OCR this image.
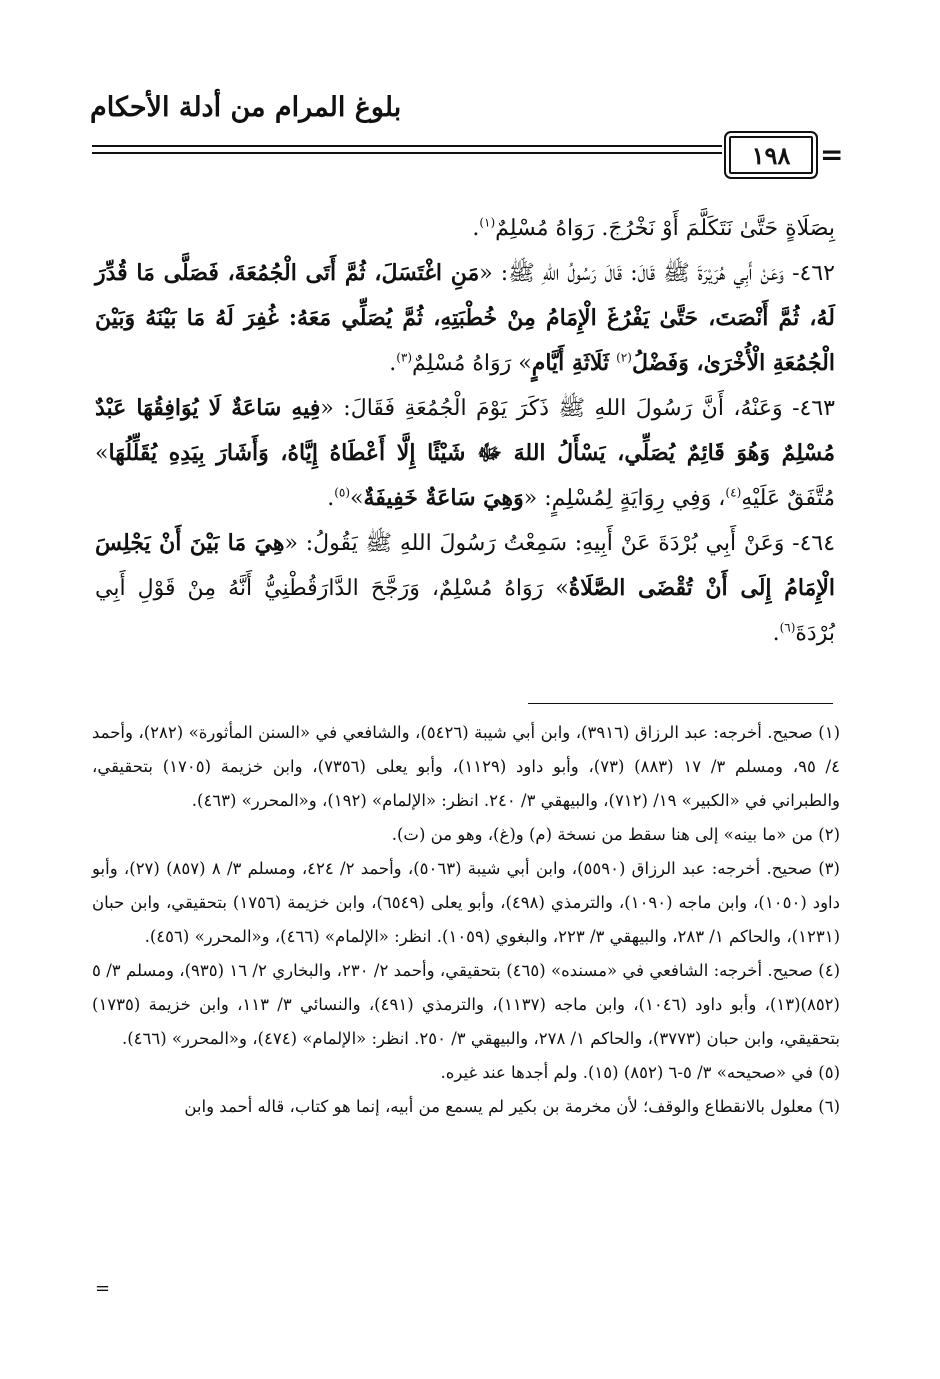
بلوغ المرام من أدلة الأحكام
١٩٨	=

بِصَلَاةٍ حَتَّىٰ نَتَكَلَّمَ أَوْ نَخْرُجَ. رَوَاهُ مُسْلِمٌ$^{(١)}$.

٤٦٢- وَعَنْ أَبِي هُرَيْرَةَ ﷺ قَالَ: قَالَ رَسُولُ اللهِ ﷺ: «مَنِ اغْتَسَلَ، ثُمَّ أَتَى الْجُمُعَةَ، فَصَلَّى مَا قُدِّرَ لَهُ، ثُمَّ أَنْصَتَ، حَتَّىٰ يَفْرُغَ الْإِمَامُ مِنْ خُطْبَتِهِ، ثُمَّ يُصَلِّي مَعَهُ: غُفِرَ لَهُ مَا بَيْنَهُ وَبَيْنَ الْجُمُعَةِ الْأُخْرَىٰ، وَفَضْلُ$^{(٢)}$ ثَلَاثَةِ أَيَّامٍ» رَوَاهُ مُسْلِمٌ$^{(٣)}$.

٤٦٣- وَعَنْهُ، أَنَّ رَسُولَ اللهِ ﷺ ذَكَرَ يَوْمَ الْجُمُعَةِ فَقَالَ: «فِيهِ سَاعَةٌ لَا يُوَافِقُهَا عَبْدٌ مُسْلِمٌ وَهُوَ قَائِمٌ يُصَلِّي، يَسْأَلُ اللهَ ﷻ شَيْئًا إِلَّا أَعْطَاهُ إِيَّاهُ، وَأَشَارَ بِيَدِهِ يُقَلِّلُهَا» مُتَّفَقٌ عَلَيْهِ$^{(٤)}$، وَفِي رِوَايَةٍ لِمُسْلِمٍ: «وَهِيَ سَاعَةٌ خَفِيفَةٌ»$^{(٥)}$.

٤٦٤- وَعَنْ أَبِي بُرْدَةَ عَنْ أَبِيهِ: سَمِعْتُ رَسُولَ اللهِ ﷺ يَقُولُ: «هِيَ مَا بَيْنَ أَنْ يَجْلِسَ الْإِمَامُ إِلَى أَنْ تُقْضَى الصَّلَاةُ» رَوَاهُ مُسْلِمٌ، وَرَجَّحَ الدَّارَقُطْنِيُّ أَنَّهُ مِنْ قَوْلِ أَبِي بُرْدَةَ$^{(٦)}$.

(١) صحيح. أخرجه: عبد الرزاق (٣٩١٦)، وابن أبي شيبة (٥٤٢٦)، والشافعي في «السنن المأثورة» (٢٨٢)، وأحمد ٤/ ٩٥، ومسلم ٣/ ١٧ (٨٨٣) (٧٣)، وأبو داود (١١٢٩)، وأبو يعلى (٧٣٥٦)، وابن خزيمة (١٧٠٥) بتحقيقي، والطبراني في «الكبير» ١٩/ (٧١٢)، والبيهقي ٣/ ٢٤٠. انظر: «الإلمام» (١٩٢)، و«المحرر» (٤٦٣).

(٢) من «ما بينه» إلى هنا سقط من نسخة (م) و(غ)، وهو من (ت).

(٣) صحيح. أخرجه: عبد الرزاق (٥٥٩٠)، وابن أبي شيبة (٥٠٦٣)، وأحمد ٢/ ٤٢٤، ومسلم ٣/ ٨ (٨٥٧) (٢٧)، وأبو داود (١٠٥٠)، وابن ماجه (١٠٩٠)، والترمذي (٤٩٨)، وأبو يعلى (٦٥٤٩)، وابن خزيمة (١٧٥٦) بتحقيقي، وابن حبان (١٢٣١)، والحاكم ١/ ٢٨٣، والبيهقي ٣/ ٢٢٣، والبغوي (١٠٥٩). انظر: «الإلمام» (٤٦٦)، و«المحرر» (٤٥٦).

(٤) صحيح. أخرجه: الشافعي في «مسنده» (٤٦٥) بتحقيقي، وأحمد ٢/ ٢٣٠، والبخاري ٢/ ١٦ (٩٣٥)، ومسلم ٣/ ٥ (٨٥٢)(١٣)، وأبو داود (١٠٤٦)، وابن ماجه (١١٣٧)، والترمذي (٤٩١)، والنسائي ٣/ ١١٣، وابن خزيمة (١٧٣٥) بتحقيقي، وابن حبان (٣٧٧٣)، والحاكم ١/ ٢٧٨، والبيهقي ٣/ ٢٥٠. انظر: «الإلمام» (٤٧٤)، و«المحرر» (٤٦٦).

(٥) في «صحيحه» ٣/ ٥-٦ (٨٥٢) (١٥). ولم أجدها عند غيره.

(٦) معلول بالانقطاع والوقف؛ لأن مخرمة بن بكير لم يسمع من أبيه، إنما هو كتاب، قاله أحمد وابن

=
